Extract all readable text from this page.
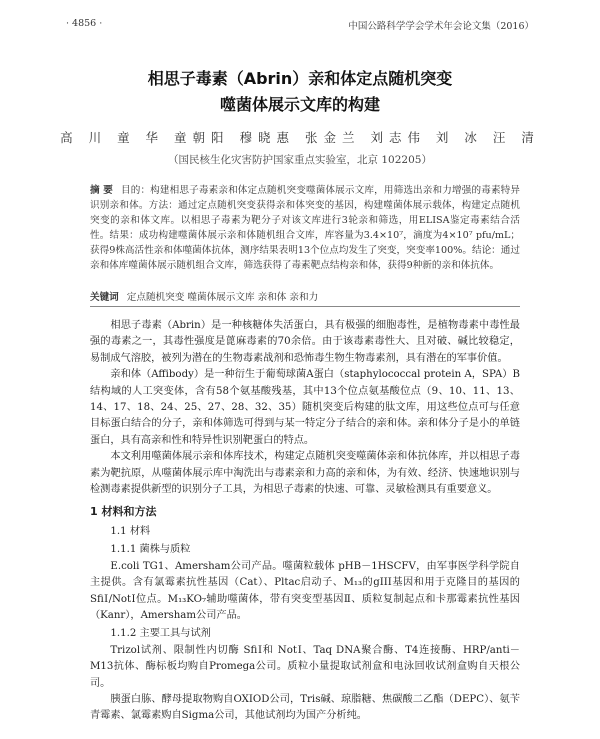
· 4856 ·	中国公路科学学会学术年会论文集（2016）
相思子毒素（Abrin）亲和体定点随机突变
噬菌体展示文库的构建
高 川 童 华 童朝阳 穆晓惠 张金兰 刘志伟 刘 冰 汪 清
（国民核生化灾害防护国家重点实验室，北京 102205）
摘 要 目的：构建相思子毒素亲和体定点随机突变噬菌体展示文库，用筛选出亲和力增强的毒素特异识别亲和体。方法：通过定点随机突变获得亲和体突变的基因，构建噬菌体展示载体，构建定点随机突变的亲和体文库。以相思子毒素为靶分子对该文库进行3轮亲和筛选，用ELISA鉴定毒素结合活性。结果：成功构建噬菌体展示亲和体随机组合文库，库容量为3.4×10⁷，滴度为4×10⁷ pfu/mL；获得9株高活性亲和体噬菌体抗体，测序结果表明13个位点均发生了突变，突变率100%。结论：通过亲和体库噬菌体展示随机组合文库，筛选获得了毒素靶点结构亲和体，获得9种新的亲和体抗体。
关键词 定点随机突变 噬菌体展示文库 亲和体 亲和力

相思子毒素（Abrin）是一种核糖体失活蛋白，具有极强的细胞毒性，是植物毒素中毒性最强的毒素之一，其毒性强度是蓖麻毒素的70余倍。由于该毒素毒性大、且对破、碱比较稳定，易制成气溶胶，被列为潜在的生物毒素战剂和恐怖毒生物生物毒素剂，具有潜在的军事价值。

亲和体（Affibody）是一种衍生于葡萄球菌A蛋白（staphylococcal protein A，SPA）B结构域的人工突变体，含有58个氨基酸残基，其中13个位点氨基酸位点（9、10、11、13、14、17、18、24、25、27、28、32、35）随机突变后构建的肽文库，用这些位点可与任意目标蛋白结合的分子，亲和体筛选可得到与某一特定分子结合的亲和体。亲和体分子是小的单链蛋白，具有高亲和性和特异性识别靶蛋白的特点。

本文利用噬菌体展示亲和体库技术，构建定点随机突变噬菌体亲和体抗体库，并以相思子毒素为靶抗原，从噬菌体展示库中淘洗出与毒素亲和力高的亲和体，为有效、经济、快速地识别与检测毒素提供新型的识别分子工具，为相思子毒素的快速、可靠、灵敏检测具有重要意义。

1 材料和方法
1.1 材料
1.1.1 菌株与质粒

E.coli TG1、Amersham公司产品。噬菌粒载体 pHB－1HSCFV，由军事医学科学院自主提供。含有氯霉素抗性基因（Cat）、Pltac启动子、M₁₃的gIII基因和用于克隆目的基因的 SfiⅠ/NotⅠ位点。M₁₃KO₇辅助噬菌体，带有突变型基因Ⅱ、质粒复制起点和卡那霉素抗性基因（Kanr），Amersham公司产品。

1.1.2 主要工具与试剂

Trizol试剂、限制性内切酶 SfiⅠ和 NotⅠ、Taq DNA聚合酶、T4连接酶、HRP/anti－M13抗体、酶标板均购自Promega公司。质粒小量提取试剂盒和电泳回收试剂盒购自天根公司。

胰蛋白胨、酵母提取物购自OXIOD公司，Tris碱、琼脂糖、焦碳酸二乙酯（DEPC）、氨苄青霉素、氯霉素购自Sigma公司，其他试剂均为国产分析纯。
